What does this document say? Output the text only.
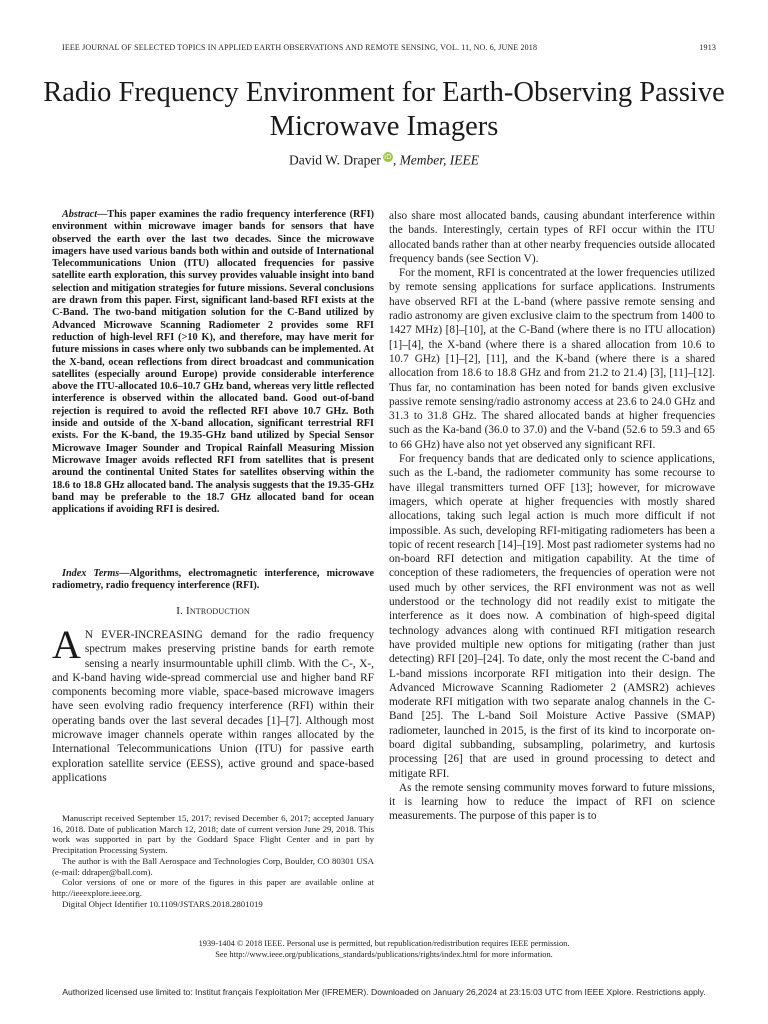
IEEE JOURNAL OF SELECTED TOPICS IN APPLIED EARTH OBSERVATIONS AND REMOTE SENSING, VOL. 11, NO. 6, JUNE 2018	1913
Radio Frequency Environment for Earth-Observing Passive Microwave Imagers
David W. Draper iD, Member, IEEE

Abstract—This paper examines the radio frequency interference (RFI) environment within microwave imager bands for sensors that have observed the earth over the last two decades. Since the microwave imagers have used various bands both within and outside of International Telecommunications Union (ITU) allocated frequencies for passive satellite earth exploration, this survey provides valuable insight into band selection and mitigation strategies for future missions. Several conclusions are drawn from this paper. First, significant land-based RFI exists at the C-Band. The two-band mitigation solution for the C-Band utilized by Advanced Microwave Scanning Radiometer 2 provides some RFI reduction of high-level RFI (>10 K), and therefore, may have merit for future missions in cases where only two subbands can be implemented. At the X-band, ocean reflections from direct broadcast and communication satellites (especially around Europe) provide considerable interference above the ITU-allocated 10.6–10.7 GHz band, whereas very little reflected interference is observed within the allocated band. Good out-of-band rejection is required to avoid the reflected RFI above 10.7 GHz. Both inside and outside of the X-band allocation, significant terrestrial RFI exists. For the K-band, the 19.35-GHz band utilized by Special Sensor Microwave Imager Sounder and Tropical Rainfall Measuring Mission Microwave Imager avoids reflected RFI from satellites that is present around the continental United States for satellites observing within the 18.6 to 18.8 GHz allocated band. The analysis suggests that the 19.35-GHz band may be preferable to the 18.7 GHz allocated band for ocean applications if avoiding RFI is desired.

Index Terms—Algorithms, electromagnetic interference, microwave radiometry, radio frequency interference (RFI).

I. Introduction

A N EVER-INCREASING demand for the radio frequency spectrum makes preserving pristine bands for earth remote sensing a nearly insurmountable uphill climb. With the C-, X-, and K-band having wide-spread commercial use and higher band RF components becoming more viable, space-based microwave imagers have seen evolving radio frequency interference (RFI) within their operating bands over the last several decades [1]–[7]. Although most microwave imager channels operate within ranges allocated by the International Telecommunications Union (ITU) for passive earth exploration satellite service (EESS), active ground and space-based applications

Manuscript received September 15, 2017; revised December 6, 2017; accepted January 16, 2018. Date of publication March 12, 2018; date of current version June 29, 2018. This work was supported in part by the Goddard Space Flight Center and in part by Precipitation Processing System.

The author is with the Ball Aerospace and Technologies Corp, Boulder, CO 80301 USA (e-mail: ddraper@ball.com).

Color versions of one or more of the figures in this paper are available online at http://ieeexplore.ieee.org.

Digital Object Identifier 10.1109/JSTARS.2018.2801019

also share most allocated bands, causing abundant interference within the bands. Interestingly, certain types of RFI occur within the ITU allocated bands rather than at other nearby frequencies outside allocated frequency bands (see Section V).

For the moment, RFI is concentrated at the lower frequencies utilized by remote sensing applications for surface applications. Instruments have observed RFI at the L-band (where passive remote sensing and radio astronomy are given exclusive claim to the spectrum from 1400 to 1427 MHz) [8]–[10], at the C-Band (where there is no ITU allocation) [1]–[4], the X-band (where there is a shared allocation from 10.6 to 10.7 GHz) [1]–[2], [11], and the K-band (where there is a shared allocation from 18.6 to 18.8 GHz and from 21.2 to 21.4) [3], [11]–[12]. Thus far, no contamination has been noted for bands given exclusive passive remote sensing/radio astronomy access at 23.6 to 24.0 GHz and 31.3 to 31.8 GHz. The shared allocated bands at higher frequencies such as the Ka-band (36.0 to 37.0) and the V-band (52.6 to 59.3 and 65 to 66 GHz) have also not yet observed any significant RFI.

For frequency bands that are dedicated only to science applications, such as the L-band, the radiometer community has some recourse to have illegal transmitters turned OFF [13]; however, for microwave imagers, which operate at higher frequencies with mostly shared allocations, taking such legal action is much more difficult if not impossible. As such, developing RFI-mitigating radiometers has been a topic of recent research [14]–[19]. Most past radiometer systems had no on-board RFI detection and mitigation capability. At the time of conception of these radiometers, the frequencies of operation were not used much by other services, the RFI environment was not as well understood or the technology did not readily exist to mitigate the interference as it does now. A combination of high-speed digital technology advances along with continued RFI mitigation research have provided multiple new options for mitigating (rather than just detecting) RFI [20]–[24]. To date, only the most recent the C-band and L-band missions incorporate RFI mitigation into their design. The Advanced Microwave Scanning Radiometer 2 (AMSR2) achieves moderate RFI mitigation with two separate analog channels in the C-Band [25]. The L-band Soil Moisture Active Passive (SMAP) radiometer, launched in 2015, is the first of its kind to incorporate on-board digital subbanding, subsampling, polarimetry, and kurtosis processing [26] that are used in ground processing to detect and mitigate RFI.

As the remote sensing community moves forward to future missions, it is learning how to reduce the impact of RFI on science measurements. The purpose of this paper is to

1939-1404 © 2018 IEEE. Personal use is permitted, but republication/redistribution requires IEEE permission.
See http://www.ieee.org/publications_standards/publications/rights/index.html for more information.
Authorized licensed use limited to: Institut français l'exploitation Mer (IFREMER). Downloaded on January 26,2024 at 23:15:03 UTC from IEEE Xplore. Restrictions apply.
